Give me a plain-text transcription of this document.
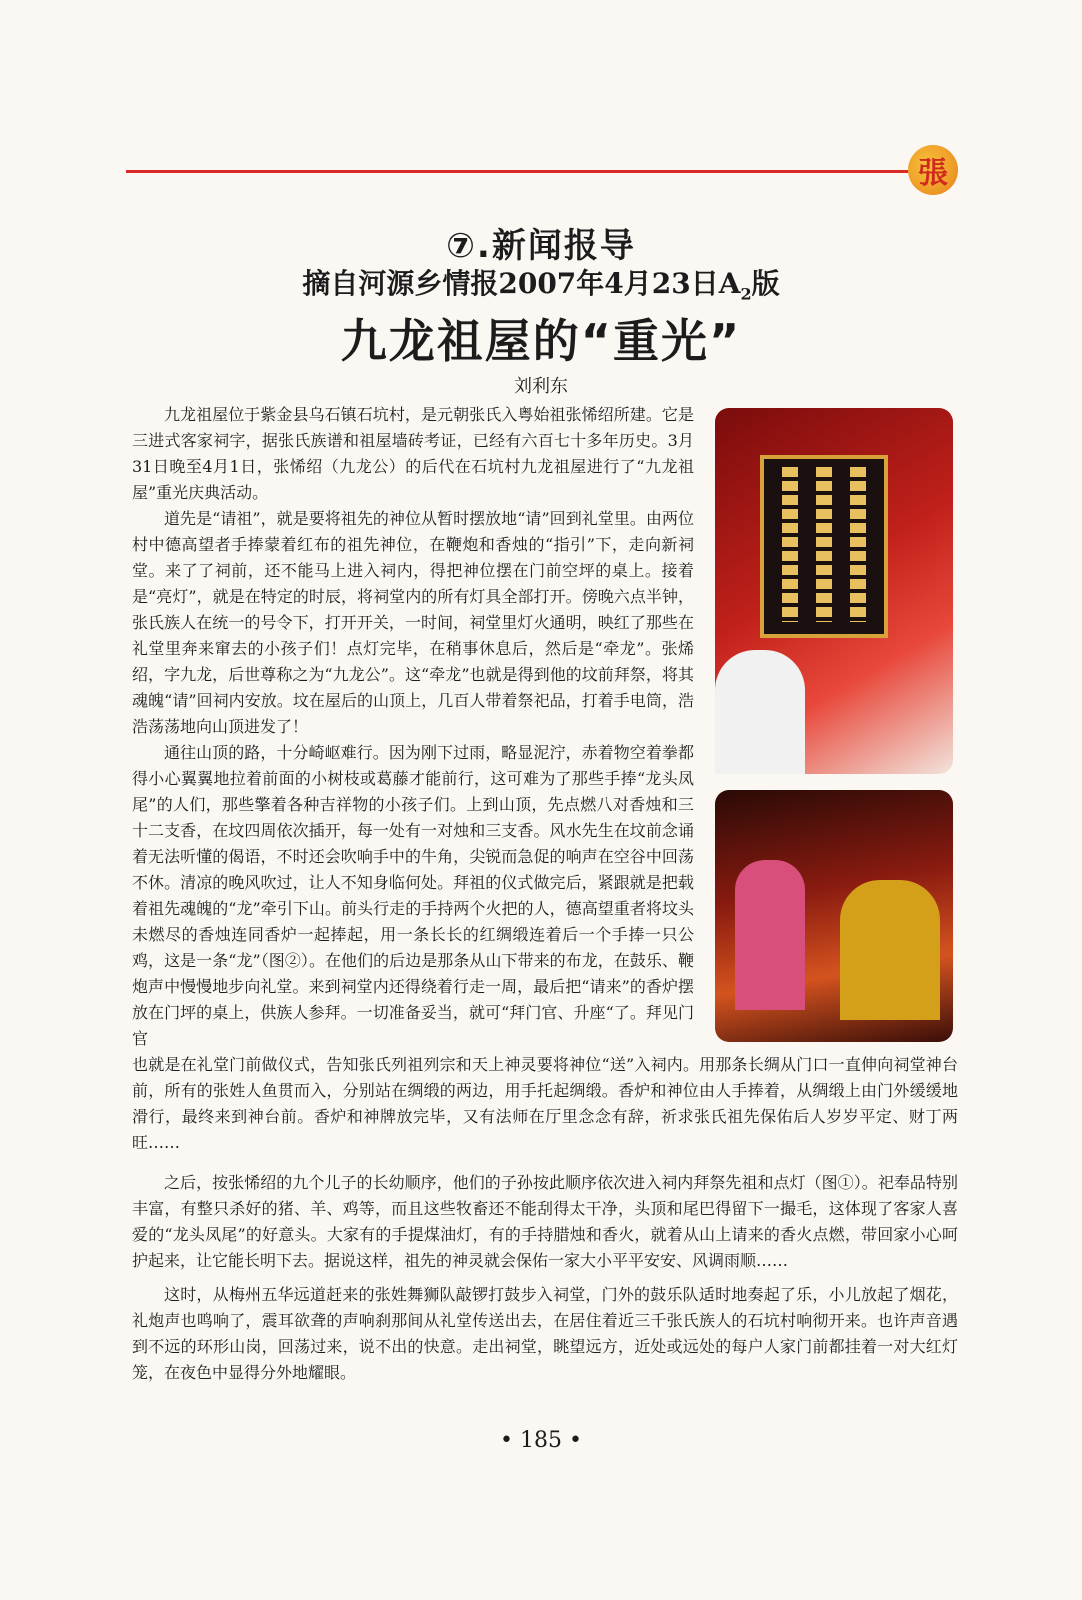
張
⑦.新闻报导
摘自河源乡情报2007年4月23日$A_2$版
九龙祖屋的“重光”
刘利东

九龙祖屋位于紫金县乌石镇石坑村，是元朝张氏入粤始祖张悕绍所建。它是三进式客家祠字，据张氏族谱和祖屋墙砖考证，已经有六百七十多年历史。3月31日晚至4月1日，张悕绍（九龙公）的后代在石坑村九龙祖屋进行了“九龙祖屋”重光庆典活动。

道先是“请祖”，就是要将祖先的神位从暂时摆放地“请”回到礼堂里。由两位村中德高望者手捧蒙着红布的祖先神位，在鞭炮和香烛的“指引”下，走向新祠堂。来了了祠前，还不能马上进入祠内，得把神位摆在门前空坪的桌上。接着是“亮灯”，就是在特定的时辰，将祠堂内的所有灯具全部打开。傍晚六点半钟，张氏族人在统一的号令下，打开开关，一时间，祠堂里灯火通明，映红了那些在礼堂里奔来窜去的小孩子们！点灯完毕，在稍事休息后，然后是“牵龙”。张烯绍，字九龙，后世尊称之为“九龙公”。这“牵龙”也就是得到他的坟前拜祭，将其魂魄“请”回祠内安放。坟在屋后的山顶上，几百人带着祭祀品，打着手电筒，浩浩荡荡地向山顶进发了！

通往山顶的路，十分崎岖难行。因为刚下过雨，略显泥泞，赤着物空着拳都得小心翼翼地拉着前面的小树枝或葛藤才能前行，这可难为了那些手捧“龙头凤尾”的人们，那些擎着各种吉祥物的小孩子们。上到山顶，先点燃八对香烛和三十二支香，在坟四周依次插开，每一处有一对烛和三支香。风水先生在坟前念诵着无法听懂的偈语，不时还会吹响手中的牛角，尖锐而急促的响声在空谷中回荡不休。清凉的晚风吹过，让人不知身临何处。拜祖的仪式做完后，紧跟就是把载着祖先魂魄的“龙”牵引下山。前头行走的手持两个火把的人，德高望重者将坟头未燃尽的香烛连同香炉一起捧起，用一条长长的红绸缎连着后一个手捧一只公鸡，这是一条“龙”（图②）。在他们的后边是那条从山下带来的布龙，在鼓乐、鞭炮声中慢慢地步向礼堂。来到祠堂内还得绕着行走一周，最后把“请来”的香炉摆放在门坪的桌上，供族人参拜。一切准备妥当，就可“拜门官、升座“了。拜见门官

也就是在礼堂门前做仪式，告知张氏列祖列宗和天上神灵要将神位“送”入祠内。用那条长绸从门口一直伸向祠堂神台前，所有的张姓人鱼贯而入，分别站在绸缎的两边，用手托起绸缎。香炉和神位由人手捧着，从绸缎上由门外缓缓地滑行，最终来到神台前。香炉和神牌放完毕，又有法师在厅里念念有辞，祈求张氏祖先保佑后人岁岁平定、财丁两旺……

之后，按张悕绍的九个儿子的长幼顺序，他们的子孙按此顺序依次进入祠内拜祭先祖和点灯（图①）。祀奉品特别丰富，有整只杀好的猪、羊、鸡等，而且这些牧畜还不能刮得太干净，头顶和尾巴得留下一撮毛，这体现了客家人喜爱的“龙头凤尾”的好意头。大家有的手提煤油灯，有的手持腊烛和香火，就着从山上请来的香火点燃，带回家小心呵护起来，让它能长明下去。据说这样，祖先的神灵就会保佑一家大小平平安安、风调雨顺……

这时，从梅州五华远道赶来的张姓舞狮队敲锣打鼓步入祠堂，门外的鼓乐队适时地奏起了乐，小儿放起了烟花，礼炮声也鸣响了，震耳欲聋的声响刹那间从礼堂传送出去，在居住着近三千张氏族人的石坑村响彻开来。也许声音遇到不远的环形山岗，回荡过来，说不出的快意。走出祠堂，眺望远方，近处或远处的每户人家门前都挂着一对大红灯笼，在夜色中显得分外地耀眼。

• 185 •
